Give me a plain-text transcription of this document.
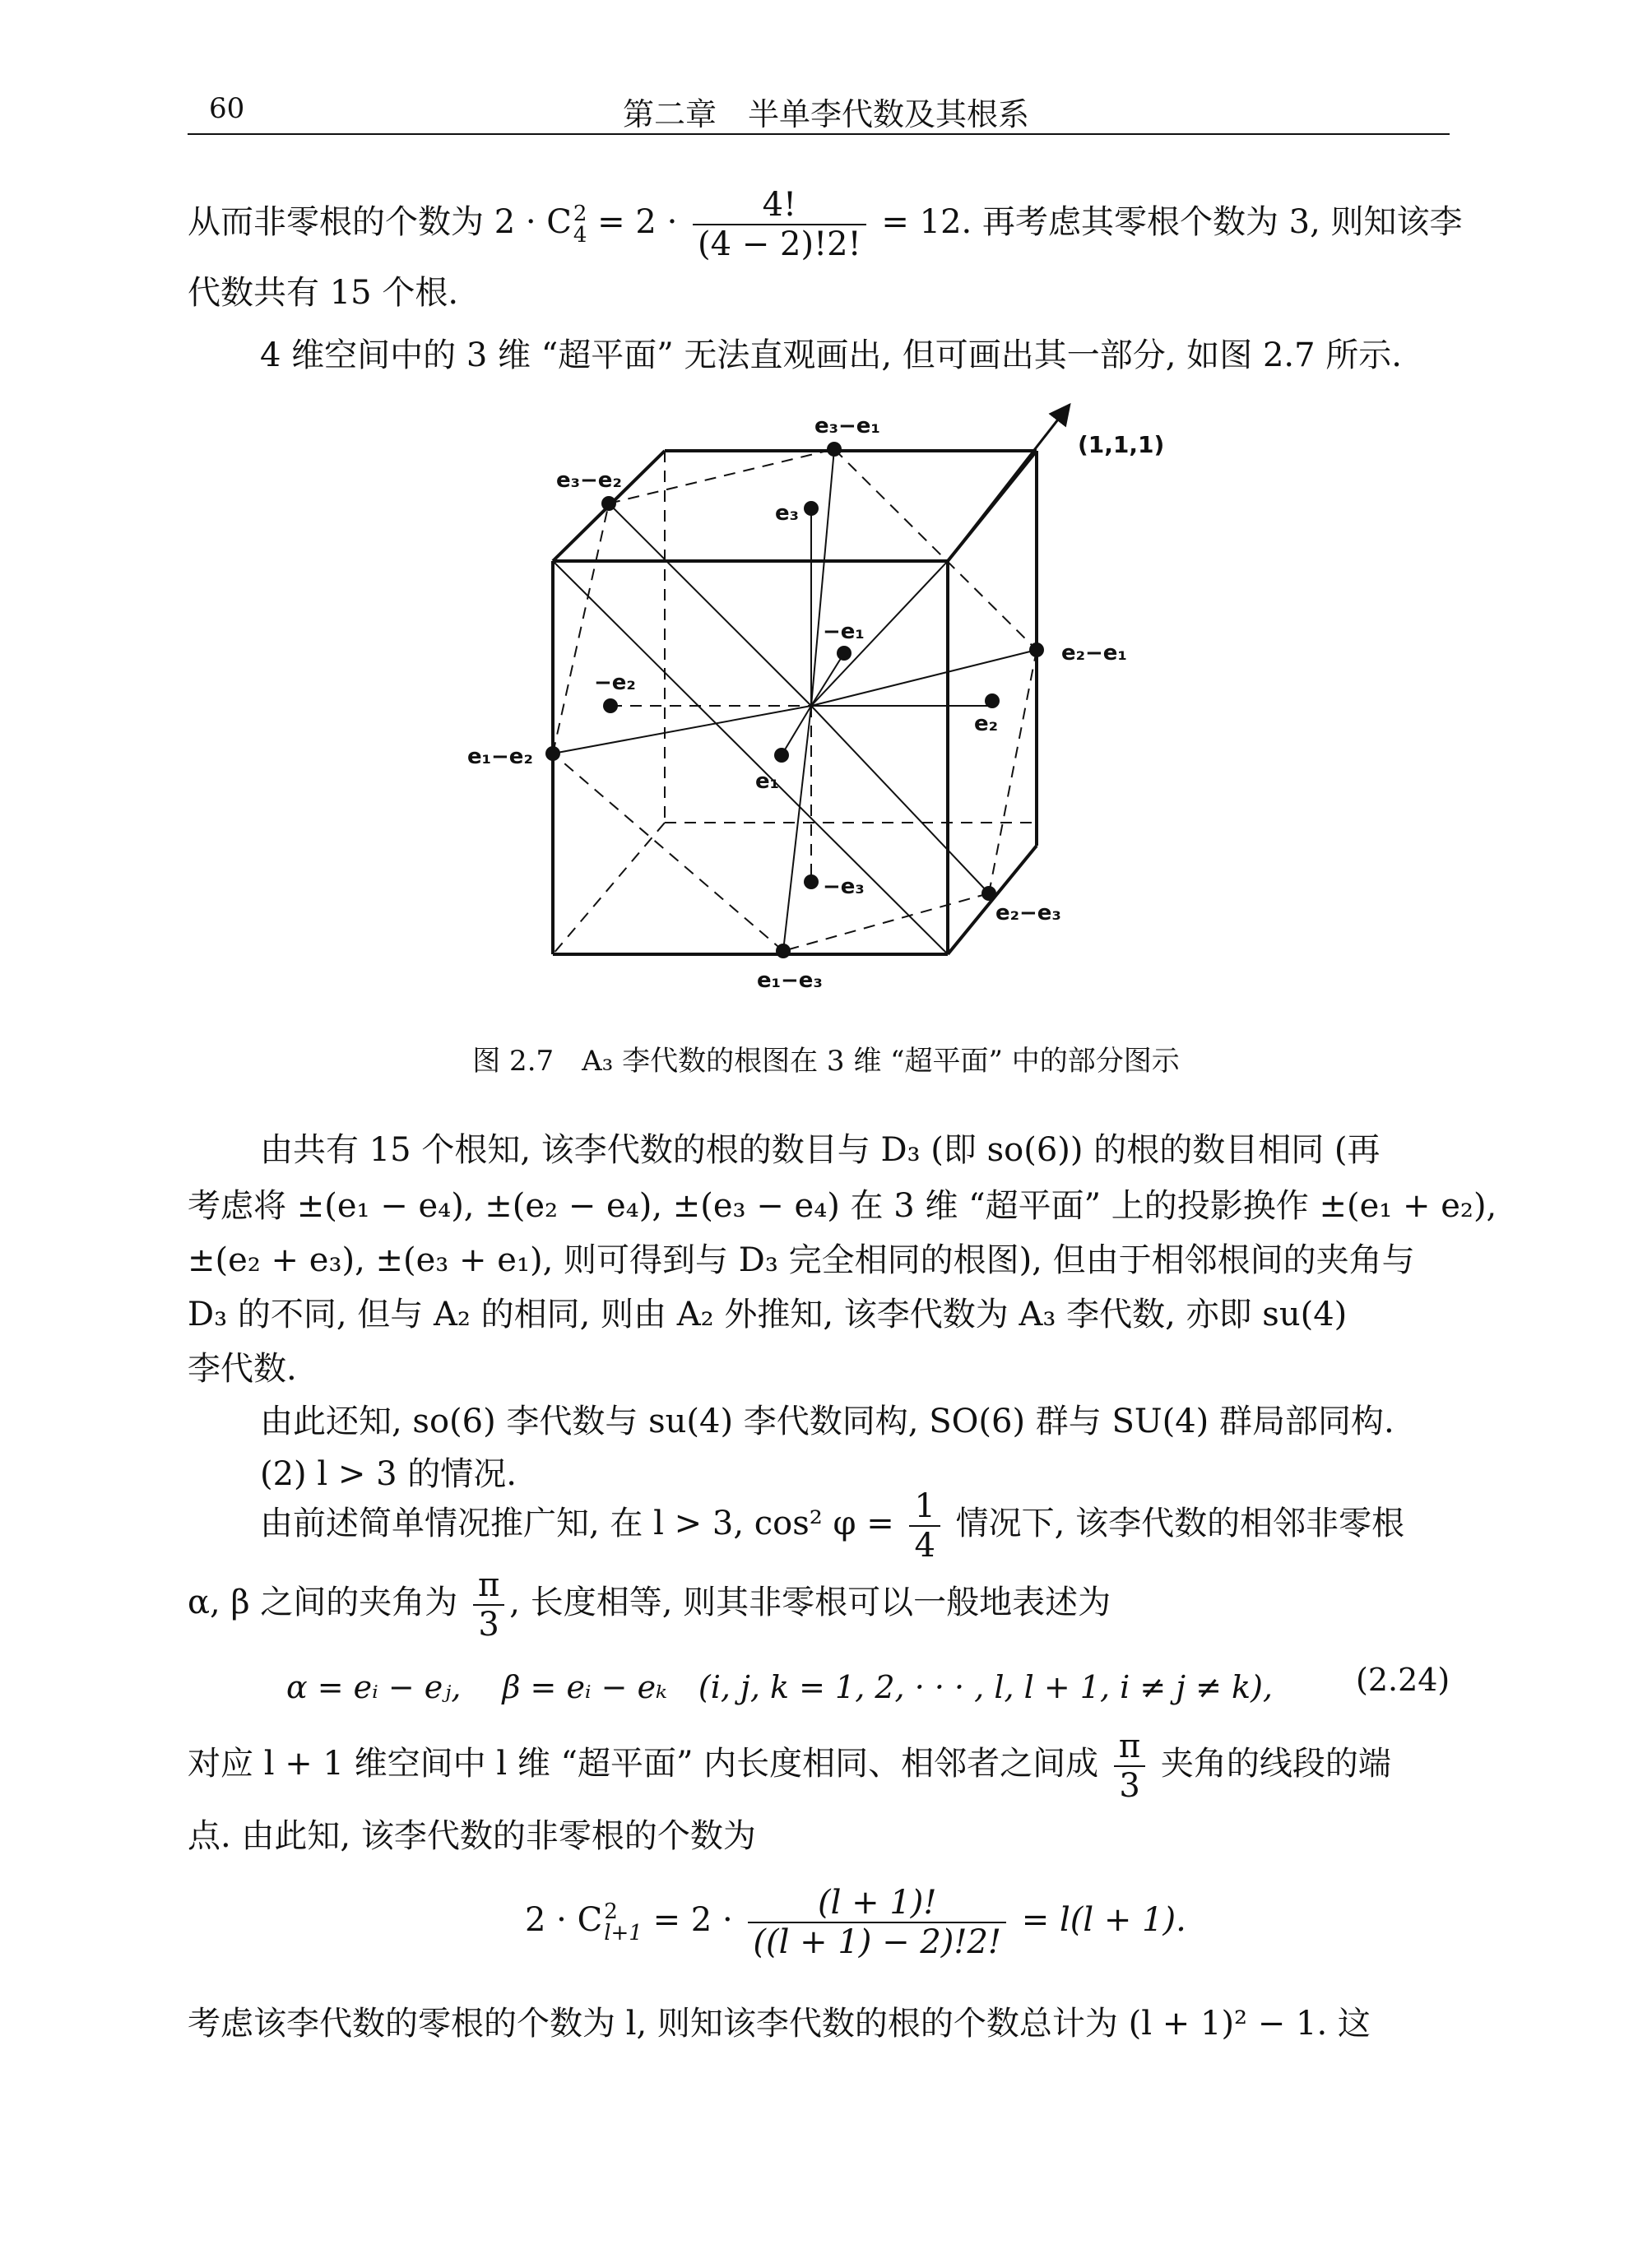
60	第二章　半单李代数及其根系
从而非零根的个数为 2 · C 2
$4 = 2 \cdot \frac{4!}{(4 - 2)!2!} = 12$. 再考虑其零根个数为 3, 则知该李
代数共有 15 个根.
4 维空间中的 3 维 “超平面” 无法直观画出, 但可画出其一部分, 如图 2.7 所示.
e₃−e₁
e₃−e₂
e₃
−e₁
e₂−e₁
−e₂
e₂
e₁−e₂
e₁
−e₃
e₂−e₃
e₁−e₃
(1,1,1)
图 2.7　A₃ 李代数的根图在 3 维 “超平面” 中的部分图示
由共有 15 个根知, 该李代数的根的数目与 D₃ (即 so(6)) 的根的数目相同 (再
考虑将 ±(e₁ − e₄), ±(e₂ − e₄), ±(e₃ − e₄) 在 3 维 “超平面” 上的投影换作 ±(e₁ + e₂),
±(e₂ + e₃), ±(e₃ + e₁), 则可得到与 D₃ 完全相同的根图), 但由于相邻根间的夹角与
D₃ 的不同, 但与 A₂ 的相同, 则由 A₂ 外推知, 该李代数为 A₃ 李代数, 亦即 su(4)
李代数.
由此还知, so(6) 李代数与 su(4) 李代数同构, SO(6) 群与 SU(4) 群局部同构.
(2) l > 3 的情况.
由前述简单情况推广知, 在 l > 3, cos² $\varphi = \frac{1}{4}$ 情况下, 该李代数的相邻非零根
α, β 之间的夹角为 $\frac{\pi}{3}$ , 长度相等, 则其非零根可以一般地表述为
α = eᵢ − eⱼ,　 β = eᵢ − eₖ　(i, j, k = 1, 2, · · · , l, l + 1, i ≠ j ≠ k),	(2.24)
对应 l + 1 维空间中 l 维 “超平面” 内长度相同、相邻者之间成 $\frac{\pi}{3}$ 夹角的线段的端
点. 由此知, 该李代数的非零根的个数为
2 · C 2
$l+1 = 2 \cdot \frac{(l + 1)!}{((l + 1) - 2)!2!} = l(l + 1)$.
考虑该李代数的零根的个数为 l, 则知该李代数的根的个数总计为 (l + 1)² − 1. 这
